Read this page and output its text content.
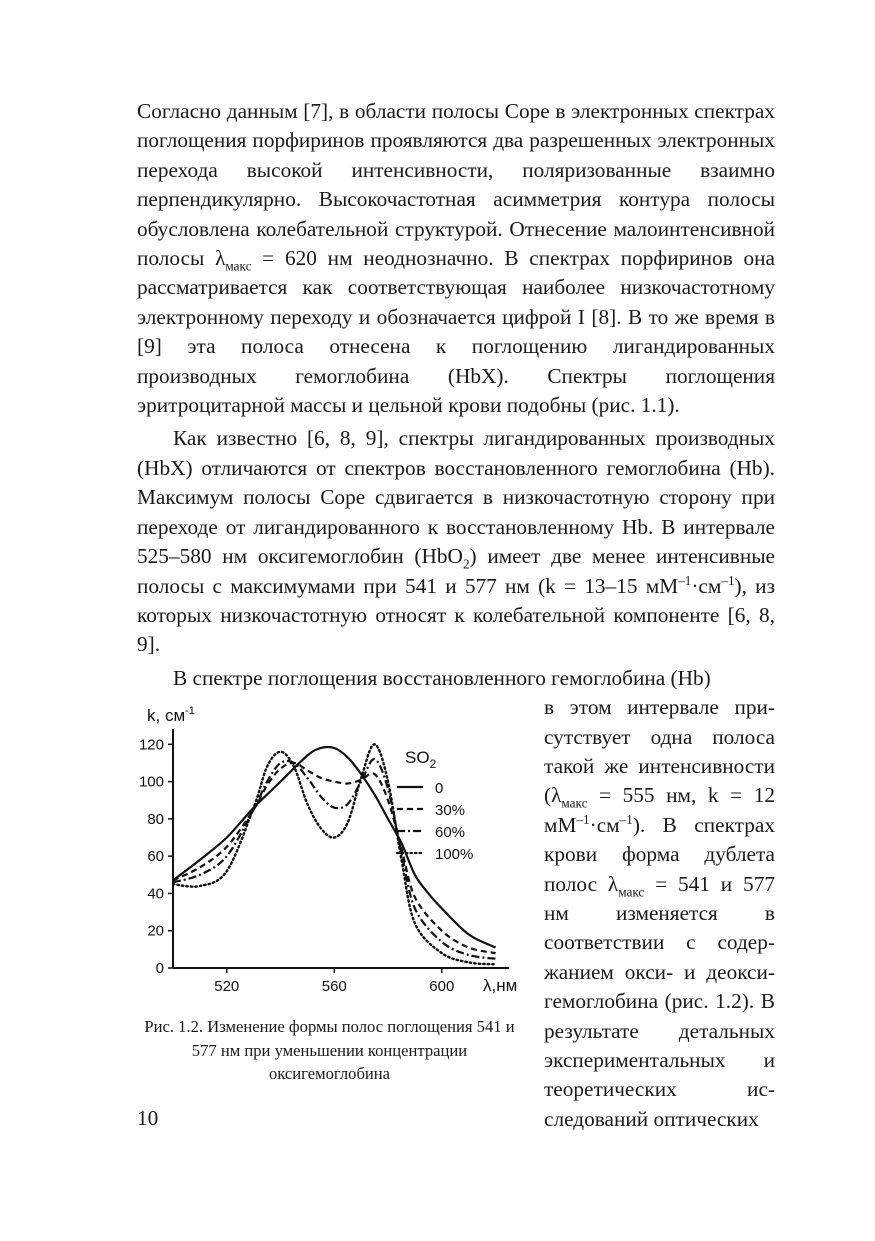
Согласно данным [7], в области полосы Соре в электронных спектрах поглощения порфиринов проявляются два разрешенных электронных перехода высокой интенсивности, поляризованные взаимно перпендикулярно. Высокочастотная асимметрия контура полосы обусловлена колебательной структурой. Отнесение малоинтенсивной полосы $\lambda_{макс} = 620$ нм неоднозначно. В спектрах порфиринов она рассматривается как соответствующая наиболее низкочастотному электронному переходу и обозначается цифрой I [8]. В то же время в [9] эта полоса отнесена к поглощению лигандированных производных гемоглобина (HbX). Спектры поглощения эритроцитарной массы и цельной крови подобны (рис. 1.1).

Как известно [6, 8, 9], спектры лигандированных производных (HbX) отличаются от спектров восстановленного гемоглобина (Hb). Максимум полосы Соре сдвигается в низкочастотную сторону при переходе от лигандированного к восстановленному Hb. В интервале 525–580 нм оксигемоглобин (HbO$_2$) имеет две менее интенсивные полосы с максимумами при 541 и 577 нм (k = 13–15 $мМ^{-1}\cdot см^{-1}$), из которых низкочастотную относят к колебательной компоненте [6, 8, 9].

В спектре поглощения восстановленного гемоглобина (Hb)

0
20
40
60
80
100
120
520	560	600
k, $см^{-1}$
λ,нм
$SO_2$
0
30%
60%
100%
Рис. 1.2. Изменение формы полос поглощения 541 и 577 нм при уменьшении концентрации оксигемоглобина
в этом интервале присутствует одна полоса такой же интенсивности ($\lambda_{макс} = 555$ нм, k = 12 $мМ^{-1}\cdot см^{-1}$). В спектрах крови форма дублета полос $\lambda_{макс} = 541$ и 577 нм изменяется в соответствии с содержанием окси- и деоксигемоглобина (рис. 1.2). В результате детальных экспериментальных и теоретических исследований оптических
10
